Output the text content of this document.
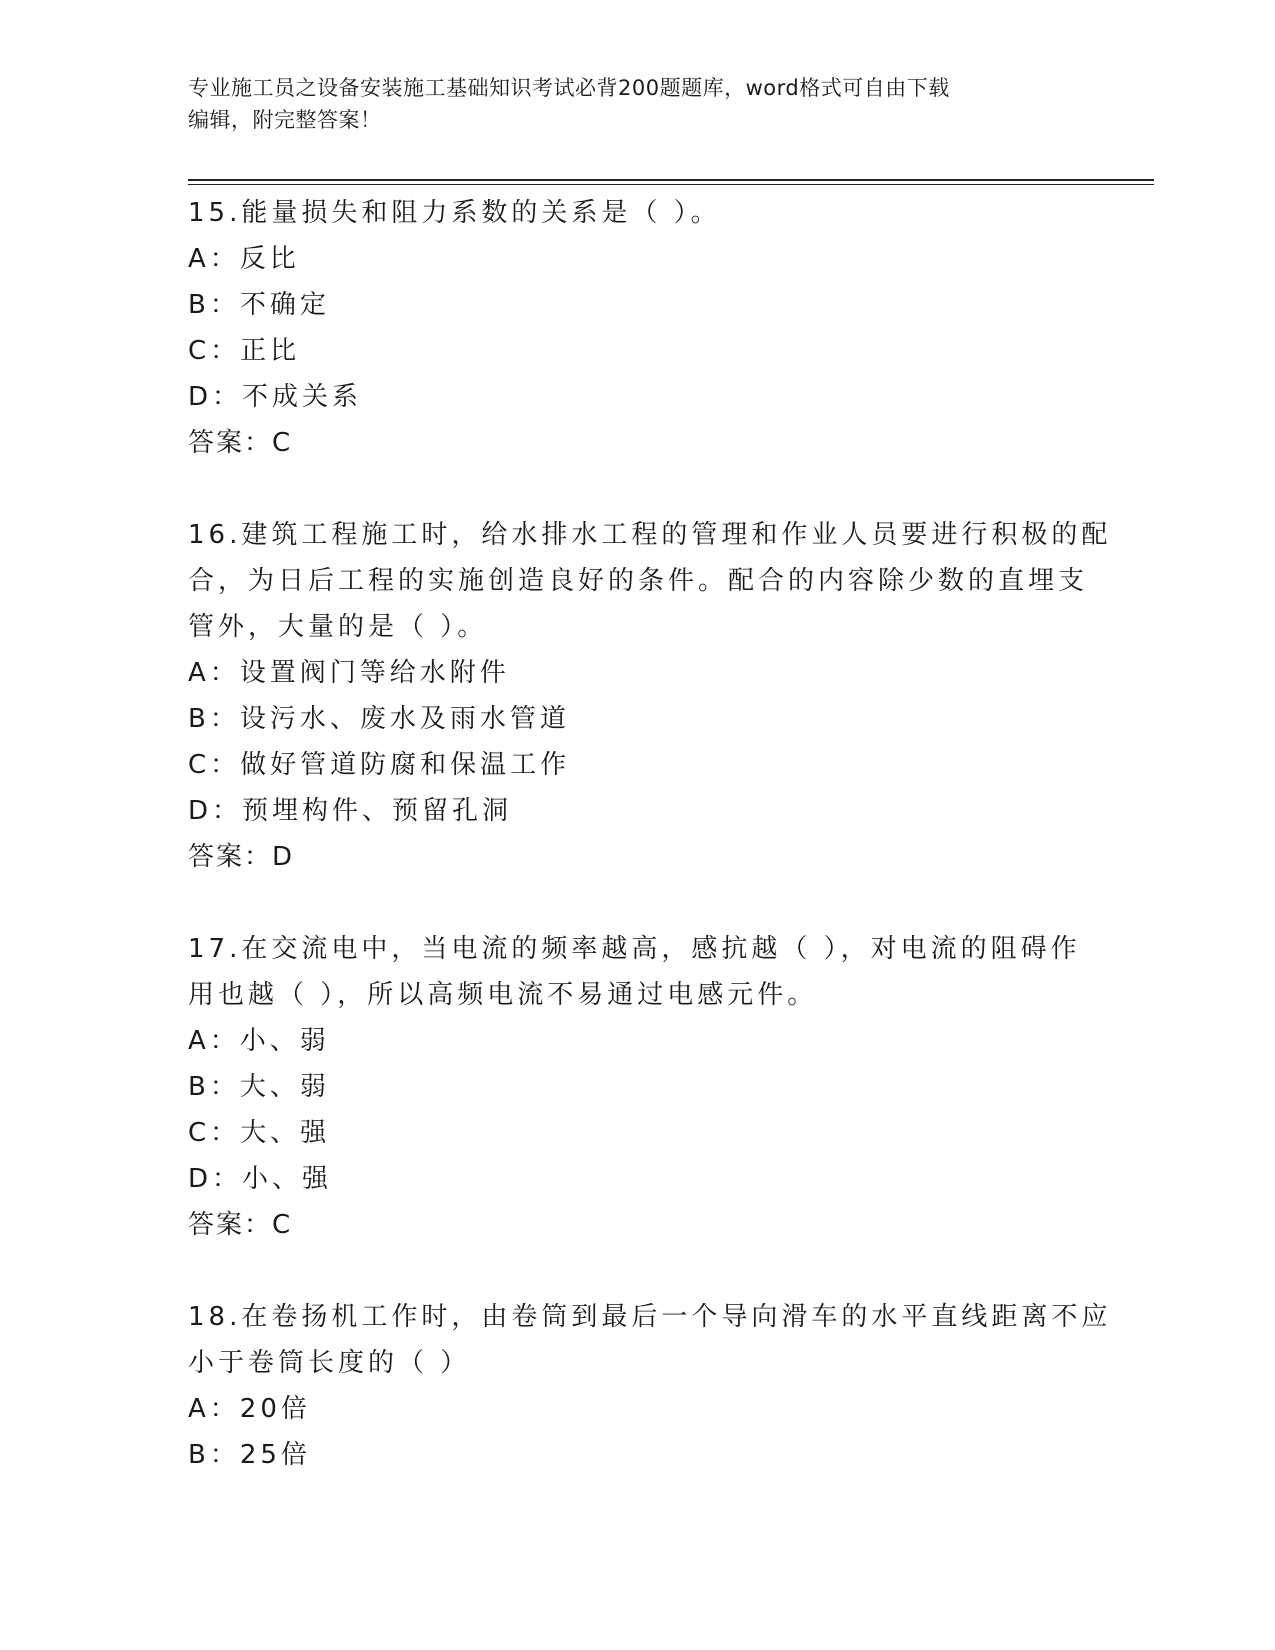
专业施工员之设备安装施工基础知识考试必背200题题库，word格式可自由下载
编辑，附完整答案！
15.能量损失和阻力系数的关系是（ ）。
A：反比
B：不确定
C：正比
D：不成关系
答案：C
16.建筑工程施工时，给水排水工程的管理和作业人员要进行积极的配
合，为日后工程的实施创造良好的条件。配合的内容除少数的直埋支
管外，大量的是（ ）。
A：设置阀门等给水附件
B：设污水、废水及雨水管道
C：做好管道防腐和保温工作
D：预埋构件、预留孔洞
答案：D
17.在交流电中，当电流的频率越高，感抗越（ ），对电流的阻碍作
用也越（ ），所以高频电流不易通过电感元件。
A：小、弱
B：大、弱
C：大、强
D：小、强
答案：C
18.在卷扬机工作时，由卷筒到最后一个导向滑车的水平直线距离不应
小于卷筒长度的（ ）
A：20倍
B：25倍
